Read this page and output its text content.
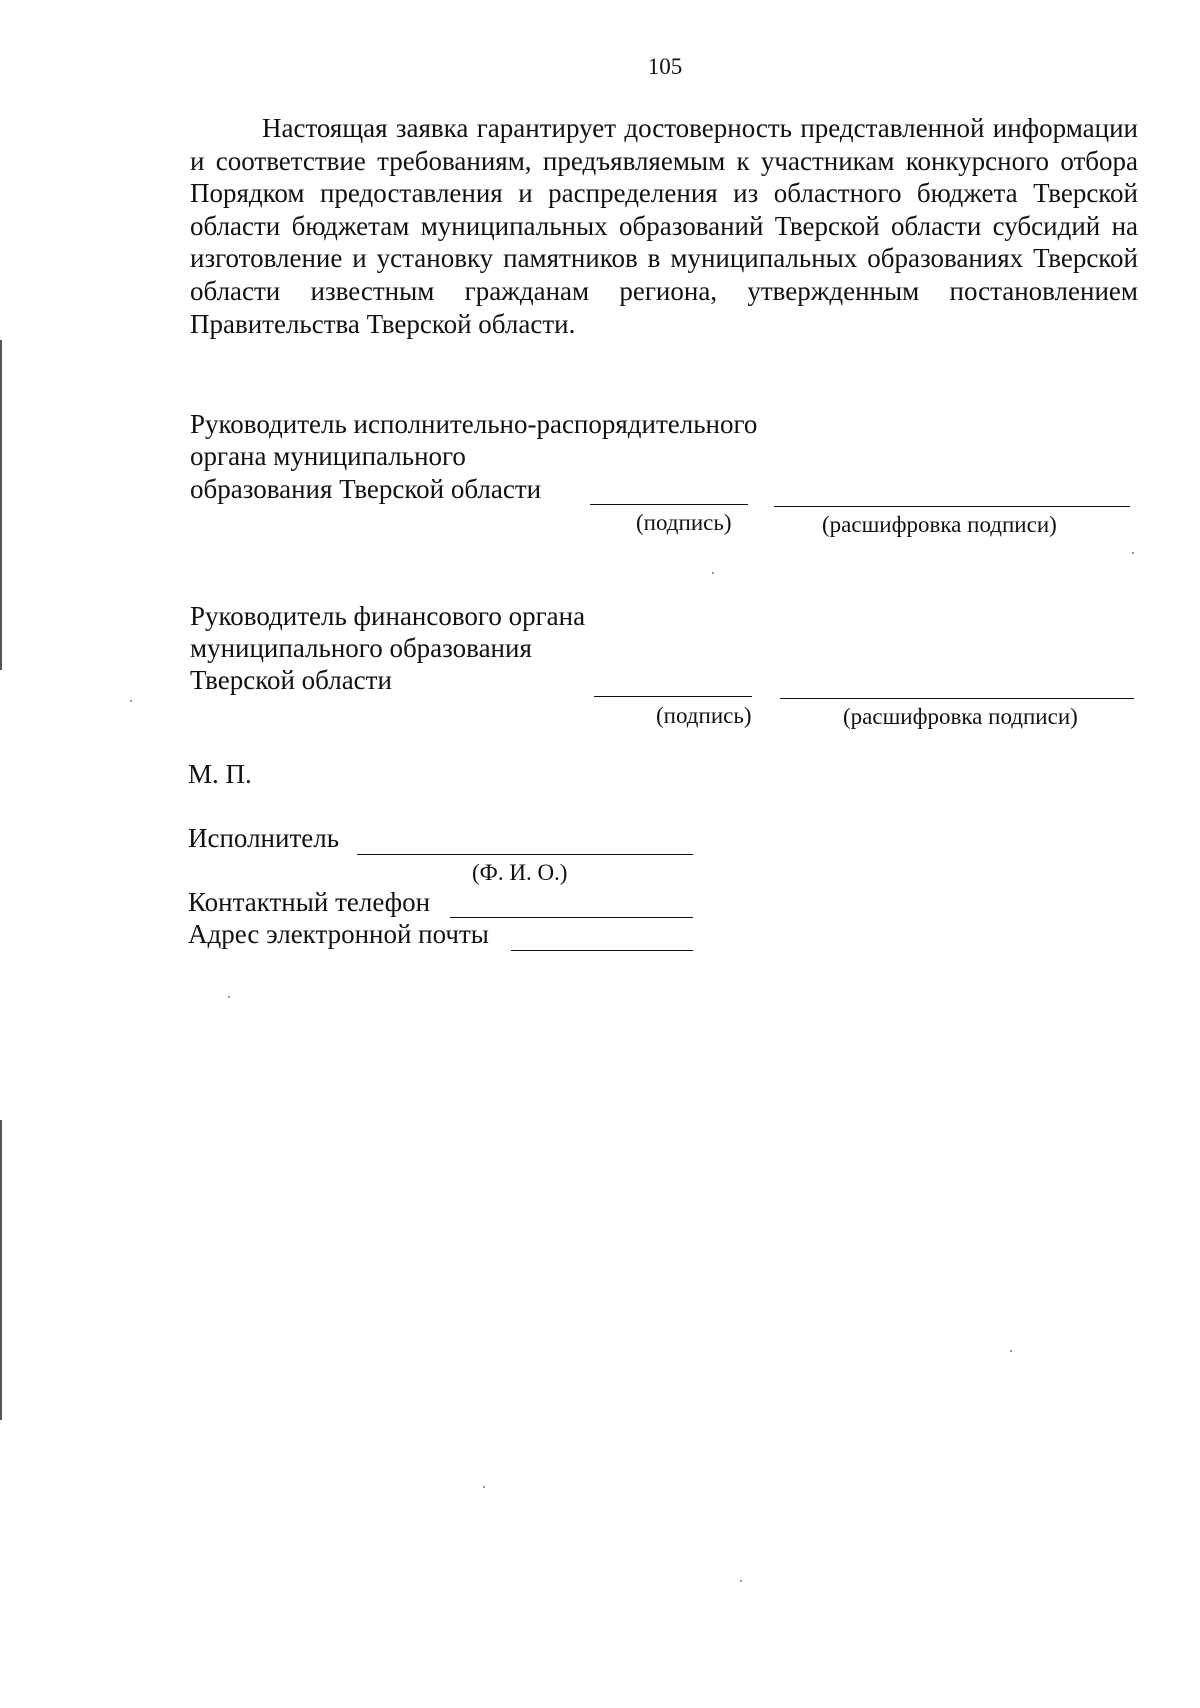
105

Настоящая заявка гарантирует достоверность представленной информации и соответствие требованиям, предъявляемым к участникам конкурсного отбора Порядком предоставления и распределения из областного бюджета Тверской области бюджетам муниципальных образований Тверской области субсидий на изготовление и установку памятников в муниципальных образованиях Тверской области известным гражданам региона, утвержденным постановлением Правительства Тверской области.

Руководитель исполнительно-распорядительного
органа муниципального
образования Тверской области
(подпись)	(расшифровка подписи)
Руководитель финансового органа
муниципального образования
Тверской области
(подпись)	(расшифровка подписи)
М. П.
Исполнитель
(Ф. И. О.)
Контактный телефон
Адрес электронной почты
